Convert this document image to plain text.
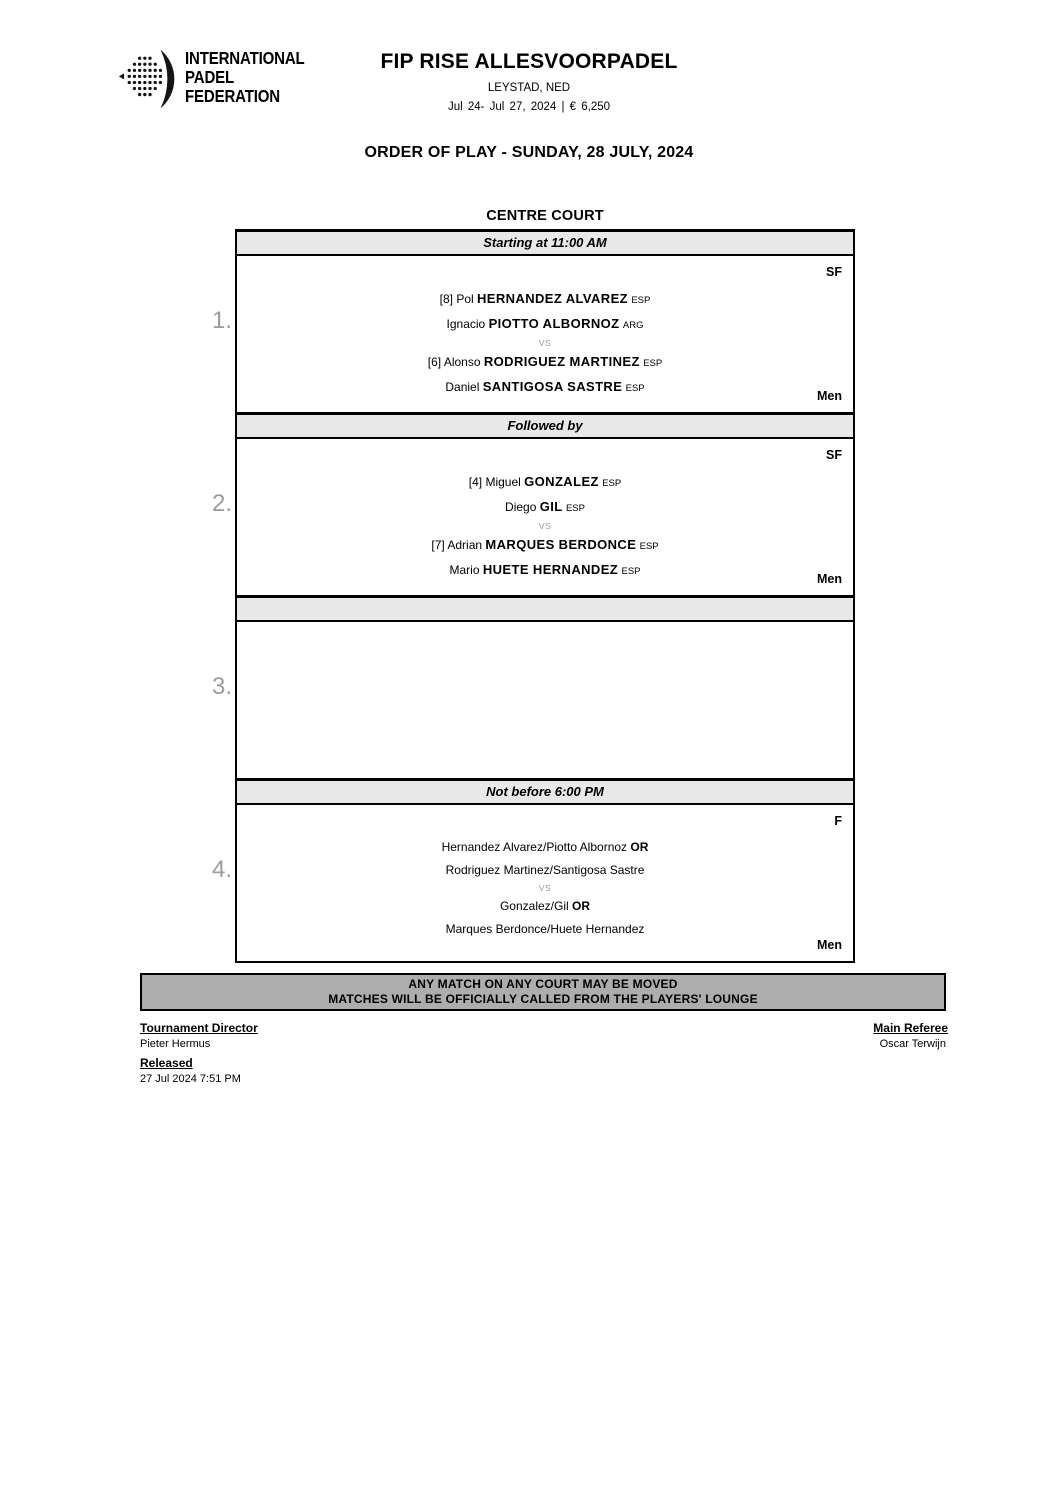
INTERNATIONAL
PADEL
FEDERATION
FIP RISE ALLESVOORPADEL
LEYSTAD, NED
Jul 24- Jul 27, 2024 | € 6,250
ORDER OF PLAY - SUNDAY, 28 JULY, 2024
CENTRE COURT
1.
2.
3.
4.
Starting at 11:00 AM
SF
[8] Pol HERNANDEZ ALVAREZ ESP
Ignacio PIOTTO ALBORNOZ ARG
VS
[6] Alonso RODRIGUEZ MARTINEZ ESP
Daniel SANTIGOSA SASTRE ESP
Men
Followed by
SF
[4] Miguel GONZALEZ ESP
Diego GIL ESP
VS
[7] Adrian MARQUES BERDONCE ESP
Mario HUETE HERNANDEZ ESP
Men
Not before 6:00 PM
F
Hernandez Alvarez/Piotto Albornoz OR
Rodriguez Martinez/Santigosa Sastre
VS
Gonzalez/Gil OR
Marques Berdonce/Huete Hernandez
Men
ANY MATCH ON ANY COURT MAY BE MOVED
MATCHES WILL BE OFFICIALLY CALLED FROM THE PLAYERS' LOUNGE
Tournament Director
Pieter Hermus
Main Referee
Oscar Terwijn
Released
27 Jul 2024 7:51 PM
